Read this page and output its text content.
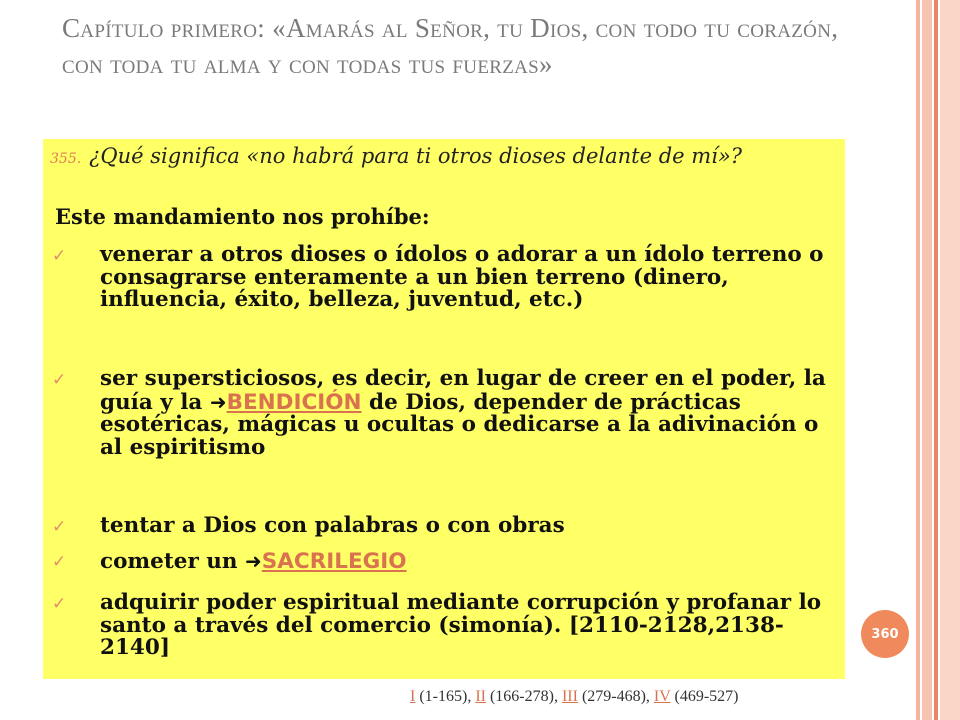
Capítulo primero: «Amarás al Señor, tu Dios, con todo tu corazón, con toda tu alma y con todas tus fuerzas»
355. ¿Qué significa «no habrá para ti otros dioses delante de mí»?
Este mandamiento nos prohíbe:
✓ venerar a otros dioses o ídolos o adorar a un ídolo terreno o consagrarse enteramente a un bien terreno (dinero, influencia, éxito, belleza, juventud, etc.)
✓ ser supersticiosos, es decir, en lugar de creer en el poder, la guía y la ➜BENDICIÓN de Dios, depender de prácticas esotéricas, mágicas u ocultas o dedicarse a la adivinación o al espiritismo
✓ tentar a Dios con palabras o con obras
✓ cometer un ➜SACRILEGIO
✓ adquirir poder espiritual mediante corrupción y profanar lo santo a través del comercio (simonía). [2110-2128,2138-2140]
360
I (1-165), II (166-278), III (279-468), IV (469-527)
